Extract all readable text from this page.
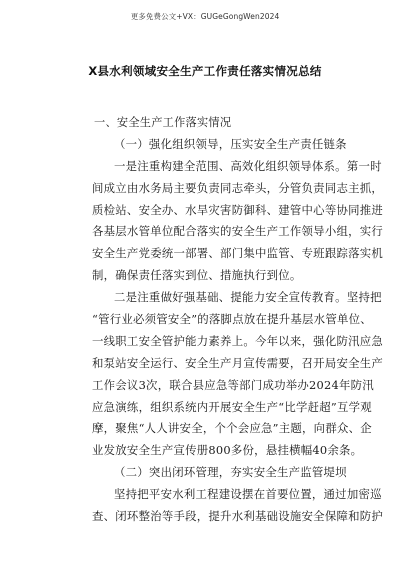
更多免费公文+VX：GUGeGongWen2024
X县水利领域安全生产工作责任落实情况总结
一、安全生产工作落实情况
（一）强化组织领导，压实安全生产责任链条
一是注重构建全范围、高效化组织领导体系。第一时
间成立由水务局主要负责同志牵头，分管负责同志主抓，
质检站、安全办、水旱灾害防御科、建管中心等协同推进
各基层水管单位配合落实的安全生产工作领导小组，实行
安全生产党委统一部署、部门集中监管、专班跟踪落实机
制，确保责任落实到位、措施执行到位。
二是注重做好强基础、提能力安全宣传教育。坚持把
“管行业必须管安全”的落脚点放在提升基层水管单位、
一线职工安全管护能力素养上。今年以来，强化防汛应急
和泵站安全运行、安全生产月宣传需要，召开局安全生产
工作会议3次，联合县应急等部门成功举办2024年防汛
应急演练，组织系统内开展安全生产“比学赶超”互学观
摩，聚焦“人人讲安全，个个会应急”主题，向群众、企
业发放安全生产宣传册800多份，悬挂横幅40余条。
（二）突出闭环管理，夯实安全生产监管堤坝
坚持把平安水利工程建设摆在首要位置，通过加密巡
查、闭环整治等手段，提升水利基础设施安全保障和防护
